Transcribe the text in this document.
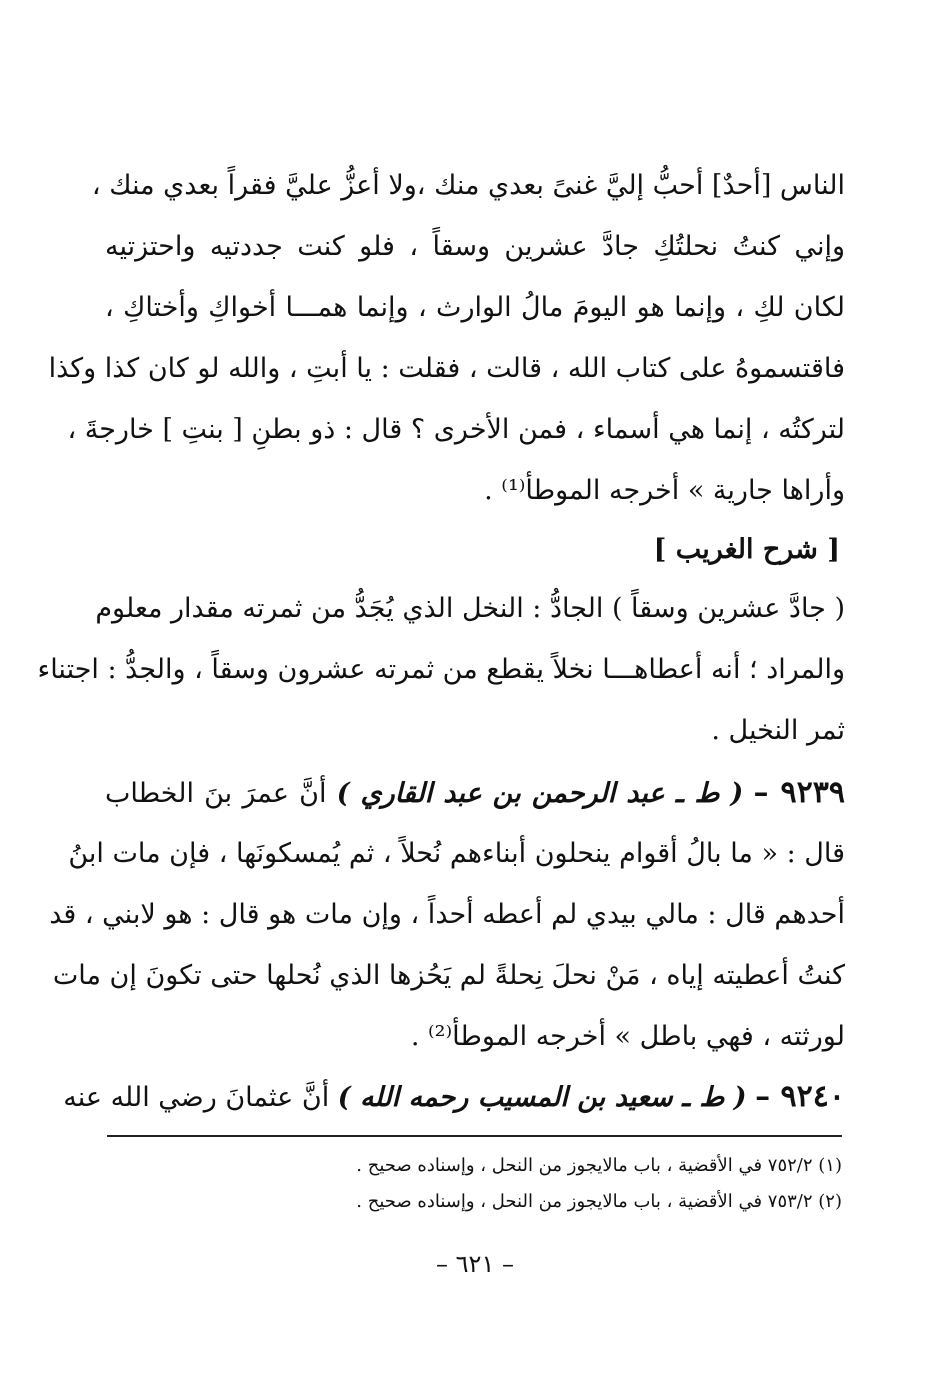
الناس [أحدٌ] أحبُّ إليَّ غنىً بعدي منك ،ولا أعزُّ عليَّ فقراً بعدي منك ،
وإني كنتُ نحلتُكِ جادَّ عشرين وسقاً ، فلو كنت جددتيه واحتزتيه
لكان لكِ ، وإنما هو اليومَ مالُ الوارث ، وإنما همـــا أخواكِ وأختاكِ ،
فاقتسموهُ على كتاب الله ، قالت ، فقلت : يا أبتِ ، والله لو كان كذا وكذا
لتركتُه ، إنما هي أسماء ، فمن الأخرى ؟ قال : ذو بطنِ [ بنتِ ] خارجةَ ،
وأراها جارية » أخرجه الموطأ⁽¹⁾ .
[ شرح الغريب ]
( جادَّ عشرين وسقاً ) الجادُّ : النخل الذي يُجَدُّ من ثمرته مقدار معلوم
والمراد ؛ أنه أعطاهـــا نخلاً يقطع من ثمرته عشرون وسقاً ، والجدُّ : اجتناء
ثمر النخيل .
٩٢٣٩ – ( ط ـ عبد الرحمن بن عبد القاري ) أنَّ عمرَ بنَ الخطاب
قال : « ما بالُ أقوام ينحلون أبناءهم نُحلاً ، ثم يُمسكونَها ، فإن مات ابنُ
أحدهم قال : مالي بيدي لم أعطه أحداً ، وإن مات هو قال : هو لابني ، قد
كنتُ أعطيته إياه ، مَنْ نحلَ نِحلةً لم يَحُزها الذي نُحلها حتى تكونَ إن مات
لورثته ، فهي باطل » أخرجه الموطأ⁽²⁾ .
٩٢٤٠ – ( ط ـ سعيد بن المسيب رحمه الله ) أنَّ عثمانَ رضي الله عنه
(١) ٧٥٢/٢ في الأقضية ، باب مالايجوز من النحل ، وإسناده صحيح .
(٢) ٧٥٣/٢ في الأقضية ، باب مالايجوز من النحل ، وإسناده صحيح .
– ٦٢١ –
